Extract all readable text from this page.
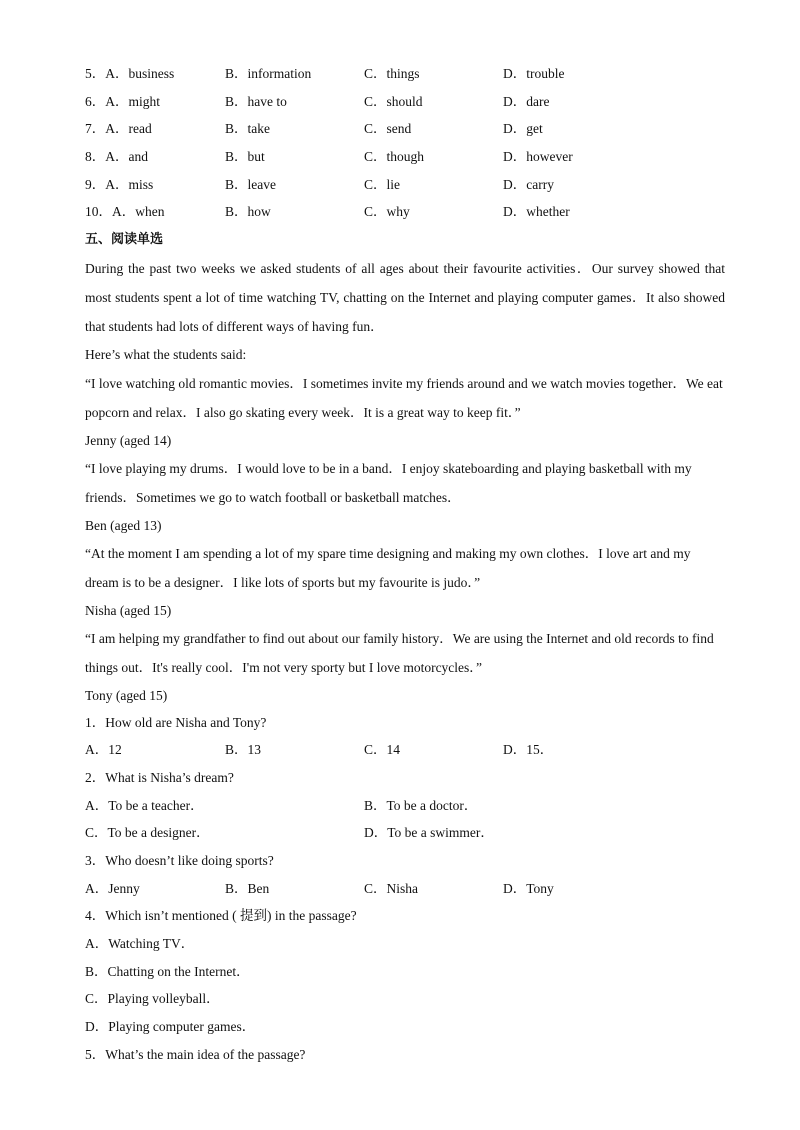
5．A．business	B．information	C．things	D．trouble
6．A．might	B．have to	C．should	D．dare
7．A．read	B．take	C．send	D．get
8．A．and	B．but	C．though	D．however
9．A．miss	B．leave	C．lie	D．carry
10．A．when	B．how	C．why	D．whether
五、阅读单选

During the past two weeks we asked students of all ages about their favourite activities．Our survey showed that most students spent a lot of time watching TV, chatting on the Internet and playing computer games．It also showed that students had lots of different ways of having fun．

Here’s what the students said:

“I love watching old romantic movies．I sometimes invite my friends around and we watch movies together．We eat popcorn and relax．I also go skating every week．It is a great way to keep fit．”

Jenny (aged 14)

“I love playing my drums．I would love to be in a band．I enjoy skateboarding and playing basketball with my friends．Sometimes we go to watch football or basketball matches．

Ben (aged 13)

“At the moment I am spending a lot of my spare time designing and making my own clothes．I love art and my dream is to be a designer．I like lots of sports but my favourite is judo．”

Nisha (aged 15)

“I am helping my grandfather to find out about our family history．We are using the Internet and old records to find things out．It's really cool．I'm not very sporty but I love motorcycles．”

Tony (aged 15)
1．How old are Nisha and Tony?
A．12	B．13	C．14	D．15．
2．What is Nisha’s dream?
A．To be a teacher．	B．To be a doctor．
C．To be a designer．	D．To be a swimmer．
3．Who doesn’t like doing sports?
A．Jenny	B．Ben	C．Nisha	D．Tony
4．Which isn’t mentioned ( 提到) in the passage?
A．Watching TV．
B．Chatting on the Internet．
C．Playing volleyball．
D．Playing computer games．
5．What’s the main idea of the passage?
